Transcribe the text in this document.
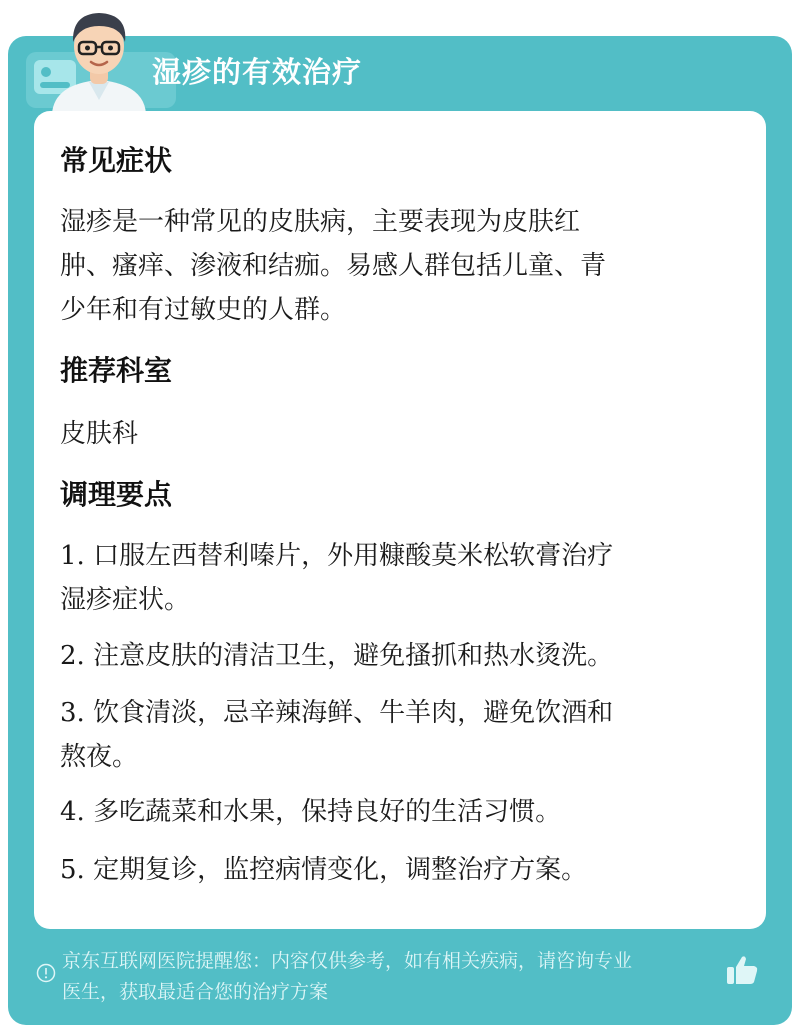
湿疹的有效治疗
常见症状
湿疹是一种常见的皮肤病，主要表现为皮肤红
肿、瘙痒、渗液和结痂。易感人群包括儿童、青
少年和有过敏史的人群。
推荐科室
皮肤科
调理要点
1. 口服左西替利嗪片，外用糠酸莫米松软膏治疗
湿疹症状。
2. 注意皮肤的清洁卫生，避免搔抓和热水烫洗。
3. 饮食清淡，忌辛辣海鲜、牛羊肉，避免饮酒和
熬夜。
4. 多吃蔬菜和水果，保持良好的生活习惯。
5. 定期复诊，监控病情变化，调整治疗方案。
京东互联网医院提醒您：内容仅供参考，如有相关疾病，请咨询专业
医生，获取最适合您的治疗方案
